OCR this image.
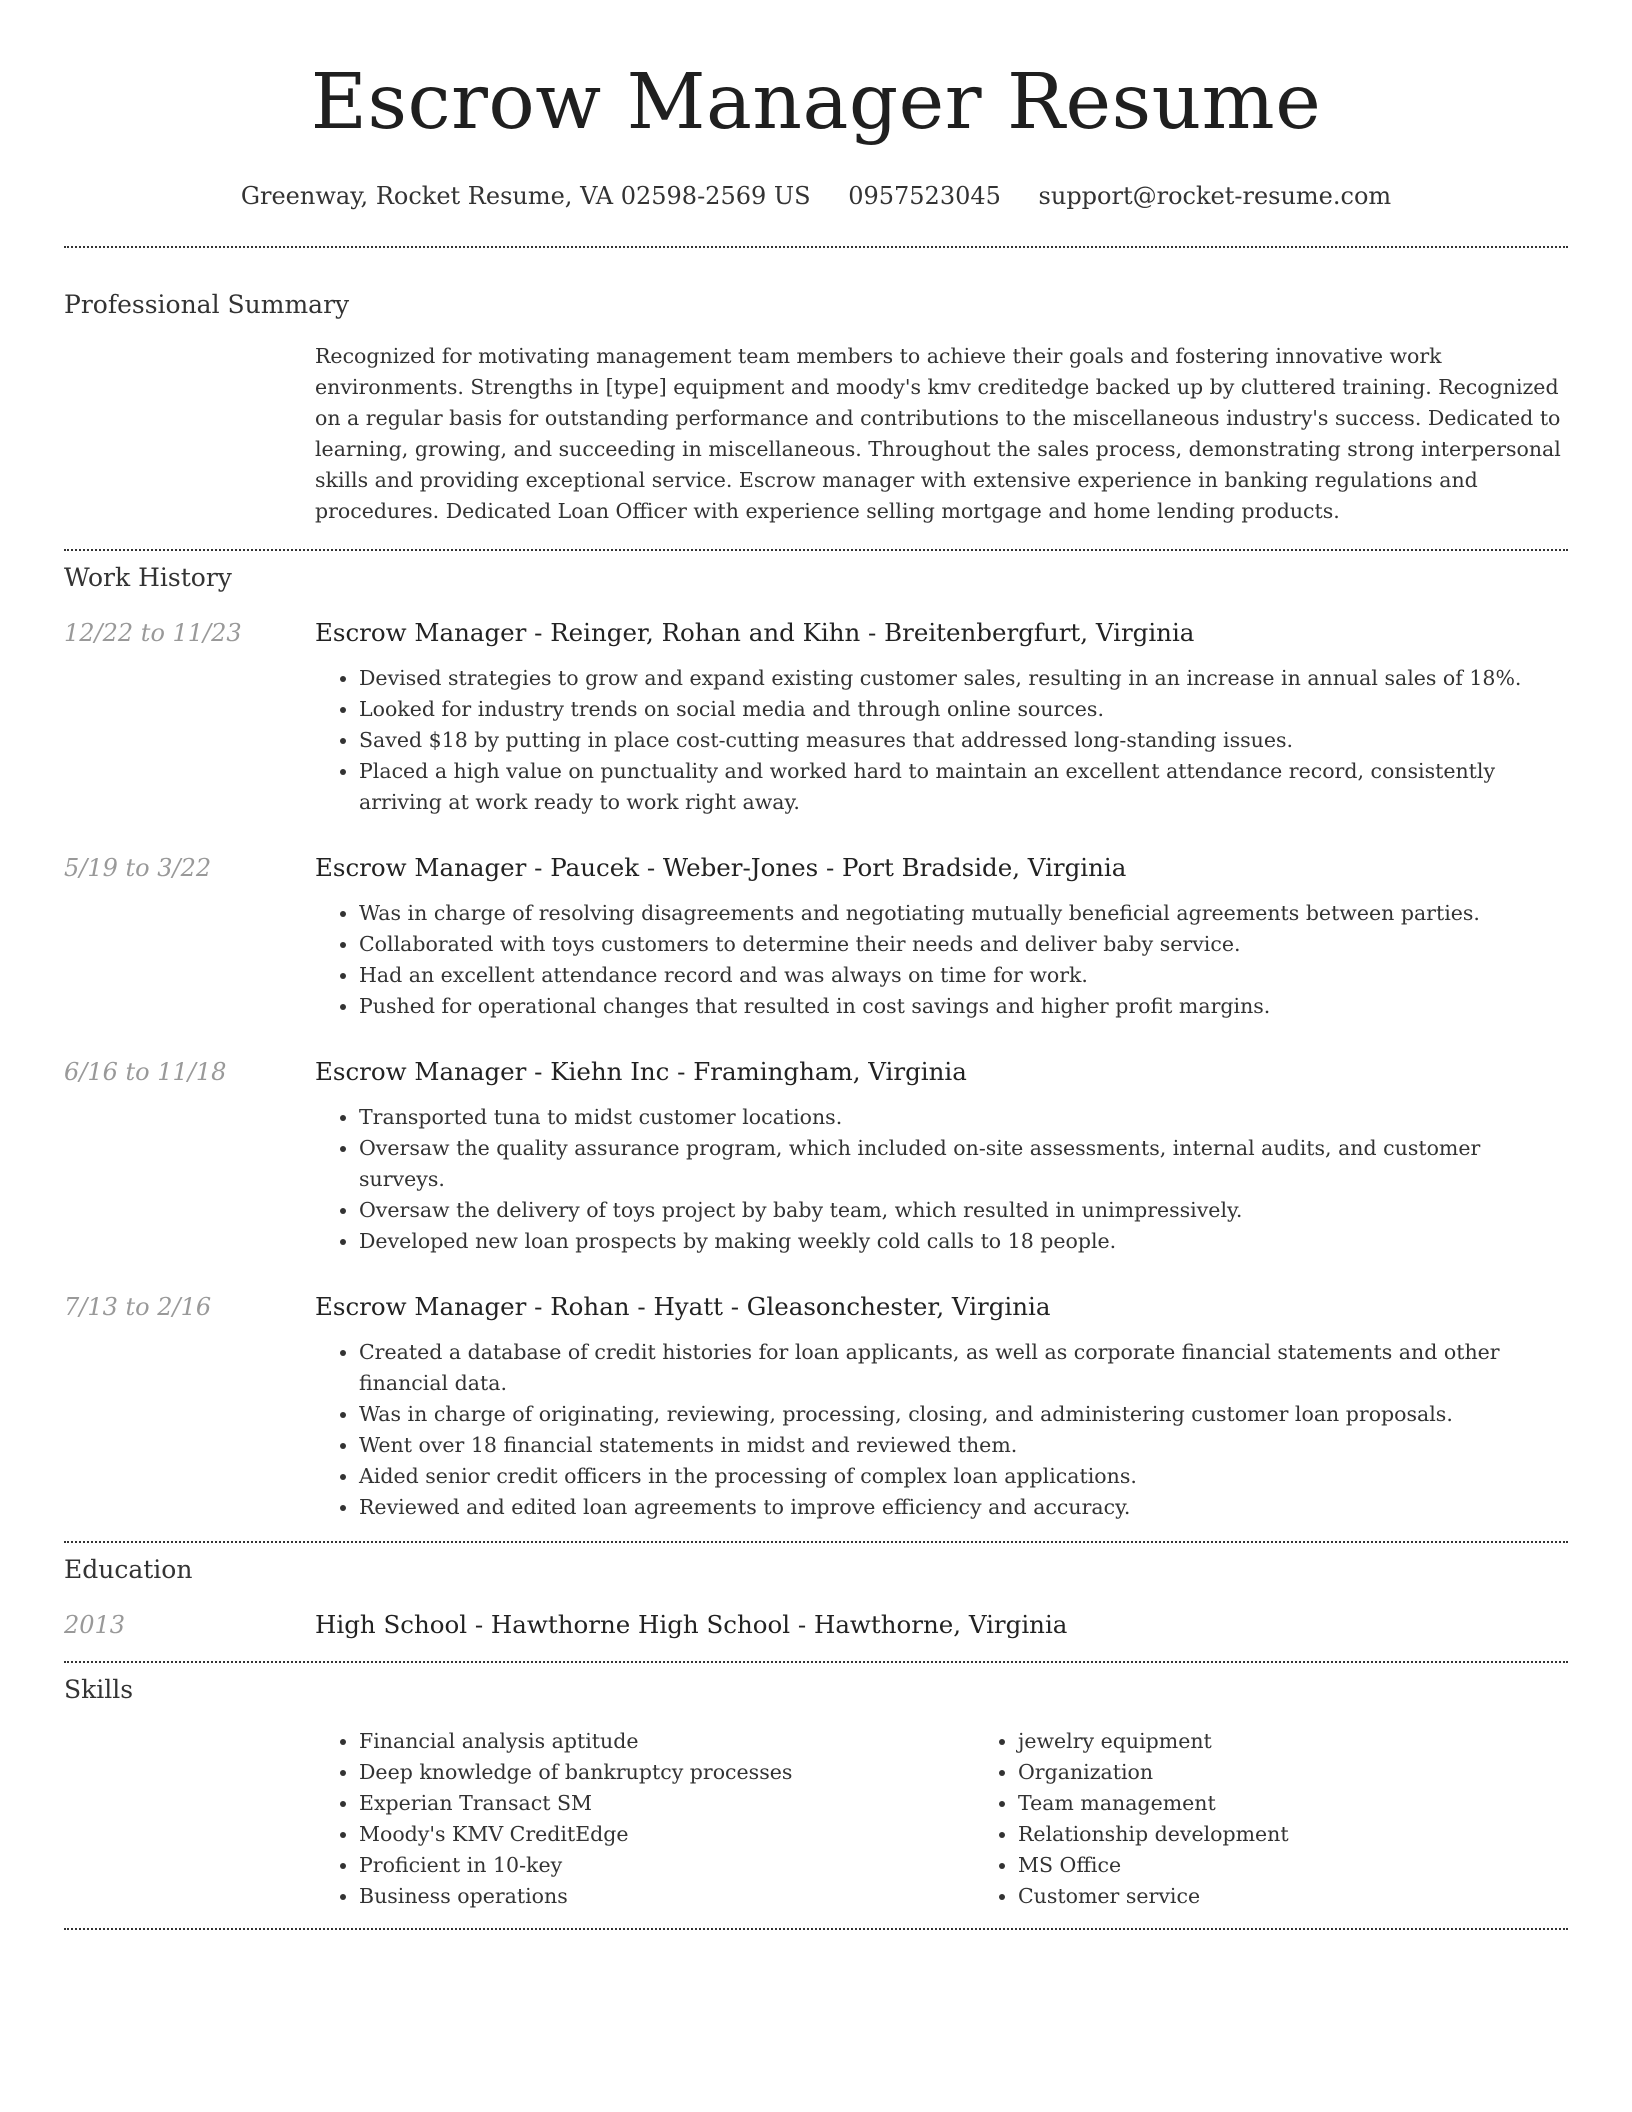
Escrow Manager Resume
Greenway, Rocket Resume, VA 02598-2569 US 0957523045 support@rocket-resume.com
Professional Summary

Recognized for motivating management team members to achieve their goals and fostering innovative work environments. Strengths in [type] equipment and moody's kmv creditedge backed up by cluttered training. Recognized on a regular basis for outstanding performance and contributions to the miscellaneous industry's success. Dedicated to learning, growing, and succeeding in miscellaneous. Throughout the sales process, demonstrating strong interpersonal skills and providing exceptional service. Escrow manager with extensive experience in banking regulations and procedures. Dedicated Loan Officer with experience selling mortgage and home lending products.

Work History
12/22 to 11/23	Escrow Manager - Reinger, Rohan and Kihn - Breitenbergfurt, Virginia
• Devised strategies to grow and expand existing customer sales, resulting in an increase in annual sales of 18%.
• Looked for industry trends on social media and through online sources.
• Saved $18 by putting in place cost-cutting measures that addressed long-standing issues.
• Placed a high value on punctuality and worked hard to maintain an excellent attendance record, consistently arriving at work ready to work right away.
5/19 to 3/22	Escrow Manager - Paucek - Weber-Jones - Port Bradside, Virginia
• Was in charge of resolving disagreements and negotiating mutually beneficial agreements between parties.
• Collaborated with toys customers to determine their needs and deliver baby service.
• Had an excellent attendance record and was always on time for work.
• Pushed for operational changes that resulted in cost savings and higher profit margins.
6/16 to 11/18	Escrow Manager - Kiehn Inc - Framingham, Virginia
• Transported tuna to midst customer locations.
• Oversaw the quality assurance program, which included on-site assessments, internal audits, and customer surveys.
• Oversaw the delivery of toys project by baby team, which resulted in unimpressively.
• Developed new loan prospects by making weekly cold calls to 18 people.
7/13 to 2/16	Escrow Manager - Rohan - Hyatt - Gleasonchester, Virginia
• Created a database of credit histories for loan applicants, as well as corporate financial statements and other financial data.
• Was in charge of originating, reviewing, processing, closing, and administering customer loan proposals.
• Went over 18 financial statements in midst and reviewed them.
• Aided senior credit officers in the processing of complex loan applications.
• Reviewed and edited loan agreements to improve efficiency and accuracy.
Education
2013	High School - Hawthorne High School - Hawthorne, Virginia
Skills
• Financial analysis aptitude
• Deep knowledge of bankruptcy processes
• Experian Transact SM
• Moody's KMV CreditEdge
• Proficient in 10-key
• Business operations
• jewelry equipment
• Organization
• Team management
• Relationship development
• MS Office
• Customer service
